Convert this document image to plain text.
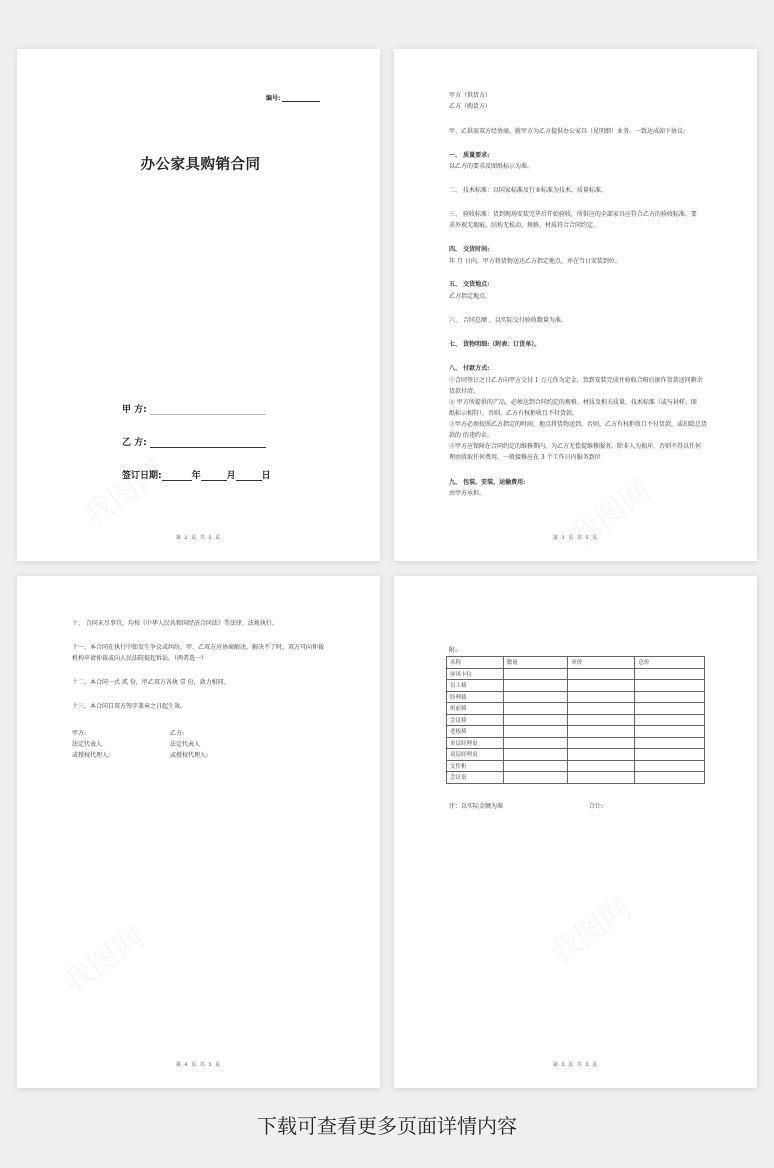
编号:
办公家具购销合同
甲 方:
乙 方:
签订日期:	年	月	日
第 2 页 共 5 页
甲方（供货方）
乙方（购货方）
甲、乙供需双方经协商，就甲方为乙方提供办公家具（见明细）业务，一致达成如下协议:
一、 质量要求:
以乙方的要求及图纸标示为准。
二、 技术标准：以国家标准及行业标准为技术、质量标准。
三、 验收标准：货到现场安装完毕后开始验收，所供应的全部家具应符合乙方的验收标准，要
求外观无瑕疵，结构无松动，规格、材质符合合同约定。
四、 交货时间:
年 月 日内，甲方将货物送达乙方指定地点，并在当日安装到位。
五、 交货地点:
乙方指定地点。
六、 合同总额 ，以实际交付验收数量为准。
七、 货物明细:（附表：订货单）。
八、 付款方式:
①合同签订之日乙方向甲方交付 1 万元作为定金，货到安装完成并验收合格后据作货款送同剩余
货款付清。
② 甲方所提供的产品，必须达到合同约定的规格、材质及相关质量，技术标准（或与封样、图
纸标示相符）。否则，乙方有权拒收且不付货款。
③甲方必须按照乙方指定的时间、地点将货物送到，否则，乙方有权拒收且不付货款，或扣除总货
款的 的违约金。
④甲方应保障在合同约定的维修期内，为乙方无偿提维修服务，除非人为损坏，否则不得以任何
理由收取任何费用，一般接修应在 3 个工作日内服务到位
九、 包装、安装、运输费用:
由甲方承担。
第 3 页 共 5 页
十、 合同未尽事宜，均按《中华人民共和国经济合同法》等法律、法规执行。
十一、本合同在执行中如发生争议或纠纷，甲、乙双方应协商解决，解决不了时，双方可向仲裁
机构申请仲裁或向人民法院提起诉讼。（两者选一）
十二、本合同一式 贰 份，甲乙双方各执 壹 份，效力相同。
十三、本合同自双方签字盖章之日起生效。
甲方:	乙方:
法定代表人	法定代表人
或授权代理人:	或授权代理人:
第 4 页 共 5 页
附:
名称	数量	单价	总价
屏风卡位			
员工椅			
经理椅			
班前椅			
会议椅			
老板椅			
单层经理桌			
双层经理桌			
文件柜			
会议桌			
注：以实际金额为准	合计:
第 5 页 共 5 页
下载可查看更多页面详情内容
